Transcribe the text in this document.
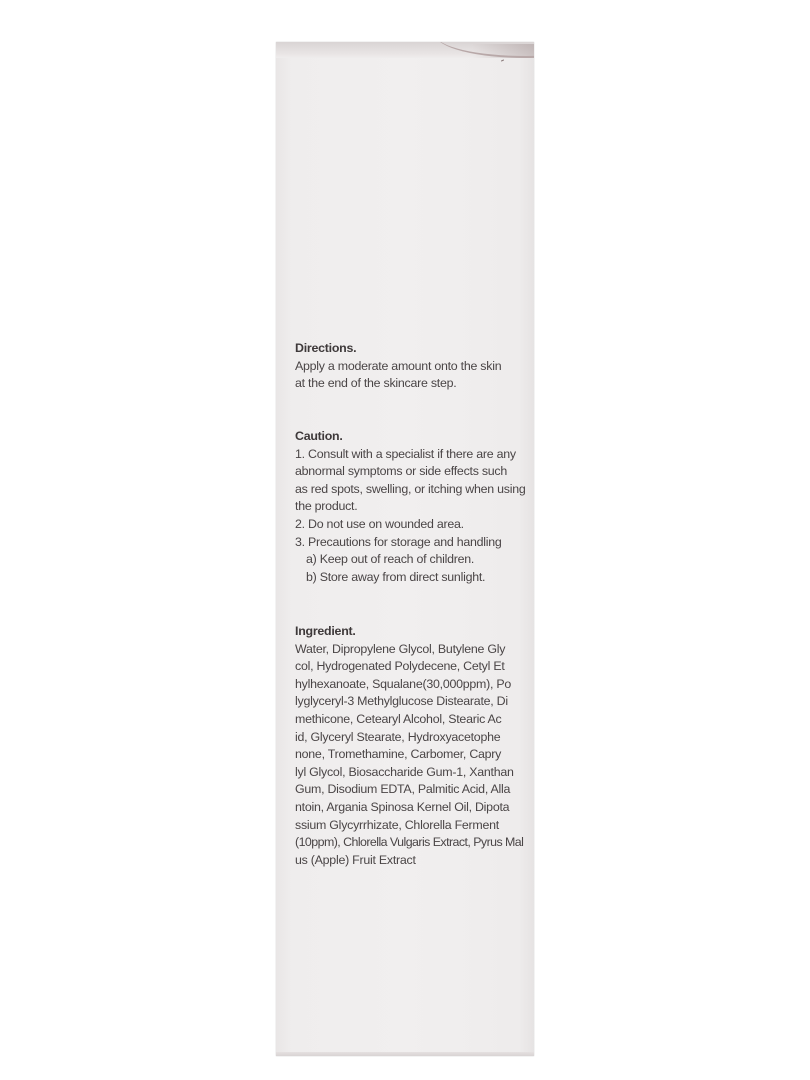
Directions.
Apply a moderate amount onto the skin
at the end of the skincare step.
Caution.
1. Consult with a specialist if there are any
abnormal symptoms or side effects such
as red spots, swelling, or itching when using
the product.
2. Do not use on wounded area.
3. Precautions for storage and handling
a) Keep out of reach of children.
b) Store away from direct sunlight.
Ingredient.
Water, Dipropylene Glycol, Butylene Gly
col, Hydrogenated Polydecene, Cetyl Et
hylhexanoate, Squalane(30,000ppm), Po
lyglyceryl-3 Methylglucose Distearate, Di
methicone, Cetearyl Alcohol, Stearic Ac
id, Glyceryl Stearate, Hydroxyacetophe
none, Tromethamine, Carbomer, Capry
lyl Glycol, Biosaccharide Gum-1, Xanthan
Gum, Disodium EDTA, Palmitic Acid, Alla
ntoin, Argania Spinosa Kernel Oil, Dipota
ssium Glycyrrhizate, Chlorella Ferment
(10ppm), Chlorella Vulgaris Extract, Pyrus Mal
us (Apple) Fruit Extract
